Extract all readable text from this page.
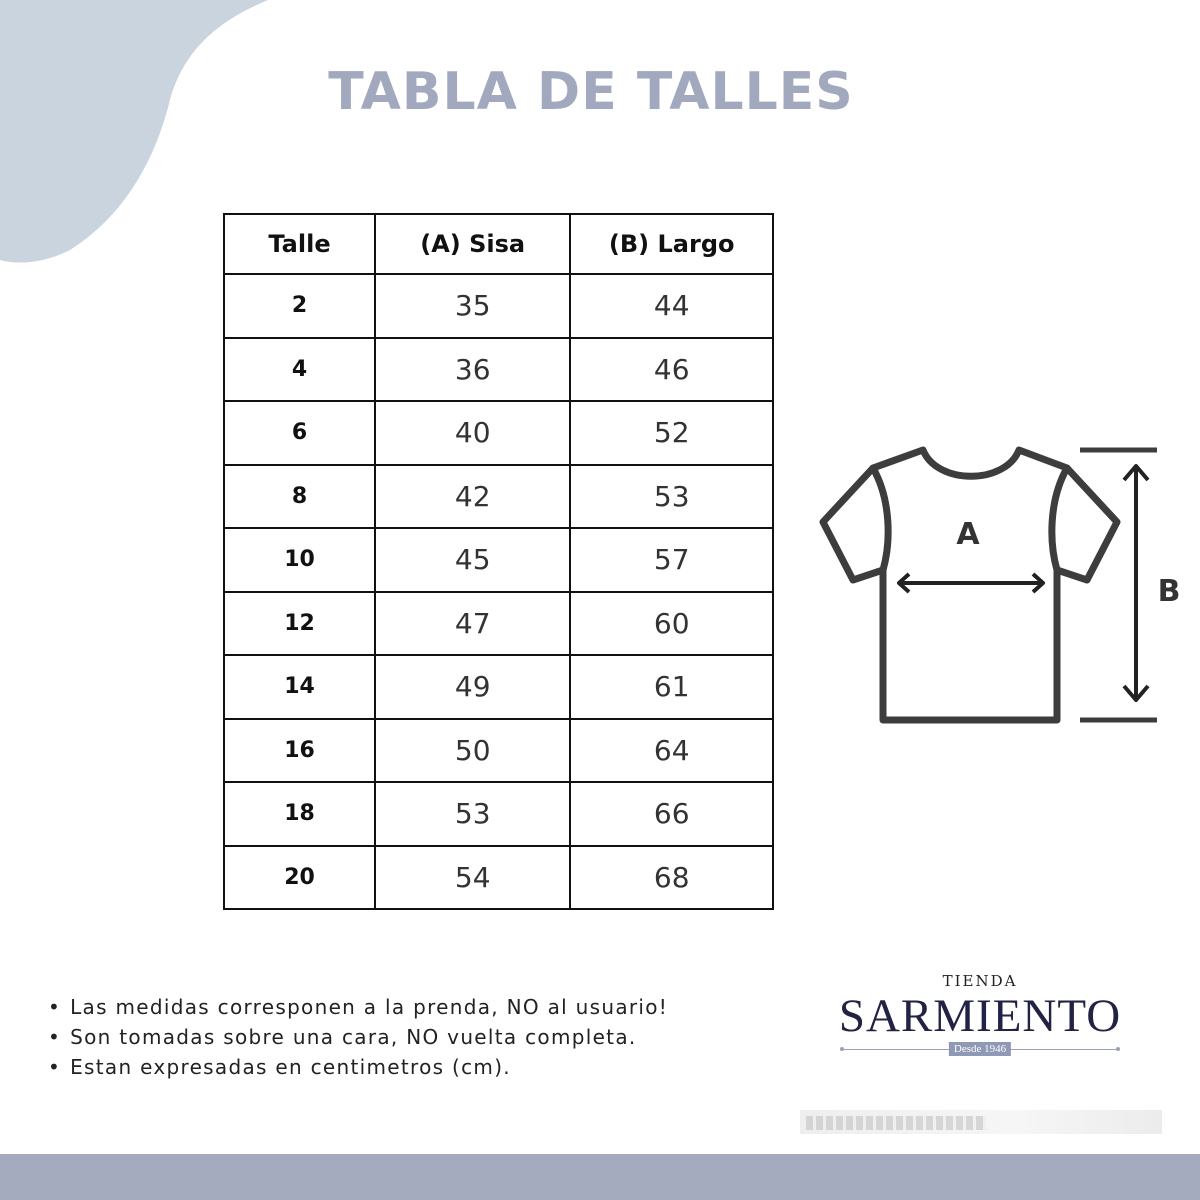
TABLA DE TALLES
Talle	(A) Sisa	(B) Largo
2	35	44
4	36	46
6	40	52
8	42	53
10	45	57
12	47	60
14	49	61
16	50	64
18	53	66
20	54	68
A
B
• Las medidas corresponen a la prenda, NO al usuario!
• Son tomadas sobre una cara, NO vuelta completa.
• Estan expresadas en centimetros (cm).
TIENDA
SARMIENTO
Desde 1946
